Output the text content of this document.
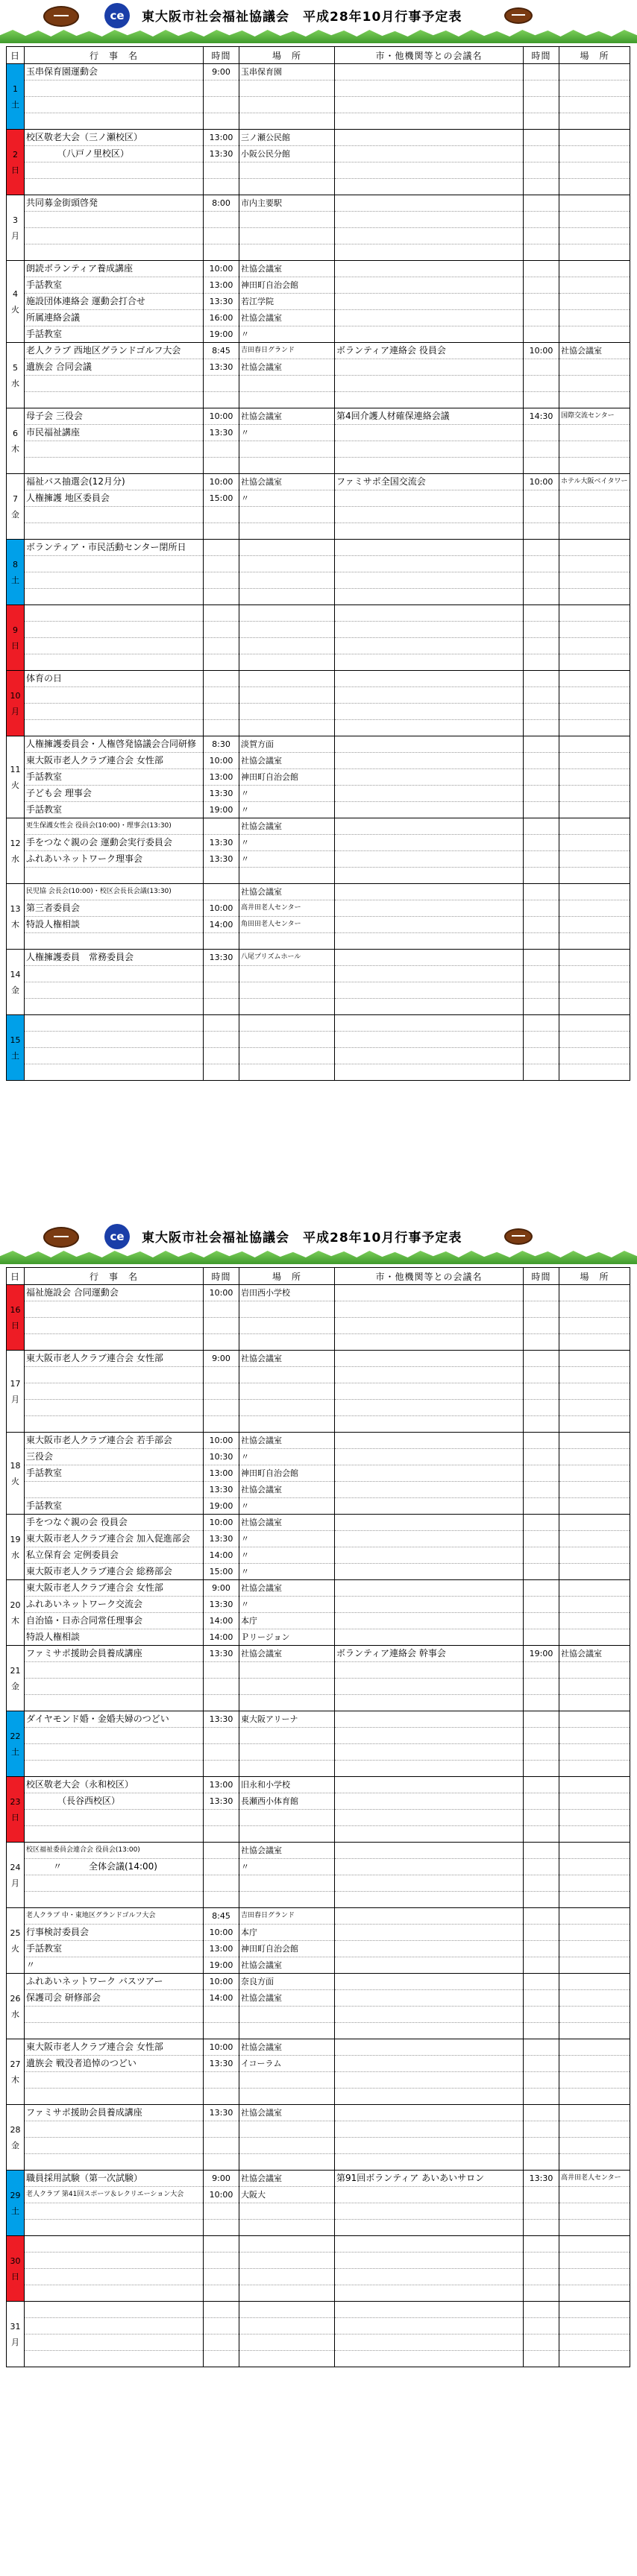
ce	東大阪市社会福祉協議会　平成28年10月行事予定表
日	行　事　名	時間	場　所	市・他機関等との会議名	時間	場　所
1
土	玉串保育園運動会	9:00	玉串保育園			

2
日	校区敬老大会（三ノ瀬校区）	13:00	三ノ瀬公民館			
	　　　　（八戸ノ里校区）	13:30	小阪公民分館			

3
月	共同募金街頭啓発	8:00	市内主要駅			

4
火	朗読ボランティア養成講座	10:00	社協会議室			
	手話教室	13:00	神田町自治会館			
	施設団体連絡会 運動会打合せ	13:30	若江学院			
	所属連絡会議	16:00	社協会議室			
	手話教室	19:00	〃			
5
水	老人クラブ 西地区グランドゴルフ大会	8:45	吉田春日グランド	ボランティア連絡会 役員会	10:00	社協会議室
	遺族会 合同会議	13:30	社協会議室			

6
木	母子会 三役会	10:00	社協会議室	第4回介護人材確保連絡会議	14:30	国際交流センター
	市民福祉講座	13:30	〃			

7
金	福祉バス抽選会(12月分)	10:00	社協会議室	ファミサポ全国交流会	10:00	ホテル大阪ベイタワー
	人権擁護 地区委員会	15:00	〃			

8
土	ボランティア・市民活動センター閉所日					

9
日						

10
月	体育の日					

11
火	人権擁護委員会・人権啓発協議会合同研修	8:30	淡賀方面			
	東大阪市老人クラブ連合会 女性部	10:00	社協会議室			
	手話教室	13:00	神田町自治会館			
	子ども会 理事会	13:30	〃			
	手話教室	19:00	〃			
12
水	更生保護女性会 役員会(10:00)・理事会(13:30)		社協会議室			
	手をつなぐ親の会 運動会実行委員会	13:30	〃			
	ふれあいネットワーク理事会	13:30	〃			

13
木	民児協 会長会(10:00)・校区会長長会議(13:30)		社協会議室			
	第三者委員会	10:00	高井田老人センター			
	特設人権相談	14:00	角田田老人センター			

14
金	人権擁護委員　常務委員会	13:30	八尾プリズムホール			

15
土						

ce	東大阪市社会福祉協議会　平成28年10月行事予定表
日	行　事　名	時間	場　所	市・他機関等との会議名	時間	場　所
16
日	福祉施設会 合同運動会	10:00	岩田西小学校			

17
月	東大阪市老人クラブ連合会 女性部	9:00	社協会議室			

18
火	東大阪市老人クラブ連合会 若手部会	10:00	社協会議室			
	三役会	10:30	〃			
	手話教室	13:00	神田町自治会館			
		13:30	社協会議室			
	手話教室	19:00	〃			
19
水	手をつなぐ親の会 役員会	10:00	社協会議室			
	東大阪市老人クラブ連合会 加入促進部会	13:30	〃			
	私立保育会 定例委員会	14:00	〃			
	東大阪市老人クラブ連合会 総務部会	15:00	〃			
20
木	東大阪市老人クラブ連合会 女性部	9:00	社協会議室			
	ふれあいネットワーク交流会	13:30	〃			
	自治協・日赤合同常任理事会	14:00	本庁			
	特設人権相談	14:00	Ｐリージョン			
21
金	ファミサポ援助会員養成講座	13:30	社協会議室	ボランティア連絡会 幹事会	19:00	社協会議室

22
土	ダイヤモンド婚・金婚夫婦のつどい	13:30	東大阪アリーナ			

23
日	校区敬老大会（永和校区）	13:00	旧永和小学校			
	　　　　（長谷西校区）	13:30	長瀬西小体育館			

24
月	校区福祉委員会連合会 役員会(13:00)		社協会議室			
	　　　〃　　　全体会議(14:00)		〃			

25
火	老人クラブ 中・東地区グランドゴルフ大会	8:45	吉田春日グランド			
	行事検討委員会	10:00	本庁			
	手話教室	13:00	神田町自治会館			
	〃	19:00	社協会議室			
26
水	ふれあいネットワーク バスツアー	10:00	奈良方面			
	保護司会 研修部会	14:00	社協会議室			

27
木	東大阪市老人クラブ連合会 女性部	10:00	社協会議室			
	遺族会 戦没者追悼のつどい	13:30	イコーラム			

28
金	ファミサポ援助会員養成講座	13:30	社協会議室			

29
土	職員採用試験（第一次試験）	9:00	社協会議室	第91回ボランティア あいあいサロン	13:30	高井田老人センター
	老人クラブ 第41回スポーツ＆レクリエーション大会	10:00	大阪大			

30
日						

31
月						
